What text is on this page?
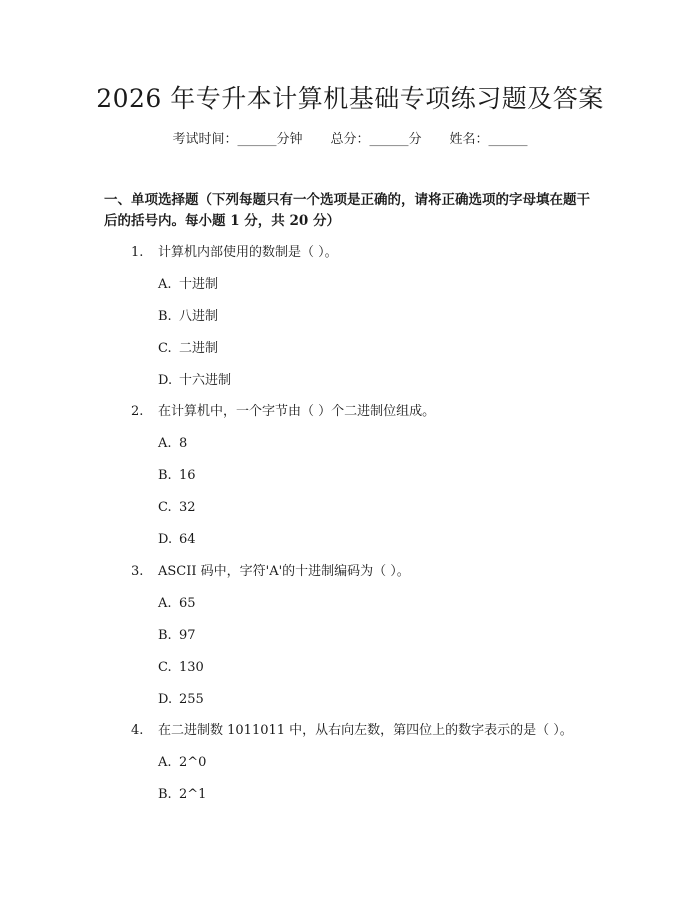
2026 年专升本计算机基础专项练习题及答案
考试时间：______分钟 总分：______分 姓名：______

一、单项选择题（下列每题只有一个选项是正确的，请将正确选项的字母填在题干后的括号内。每小题 1 分，共 20 分）

1. 计算机内部使用的数制是（ ）。
A. 十进制
B. 八进制
C. 二进制
D. 十六进制
2. 在计算机中，一个字节由（ ）个二进制位组成。
A. 8
B. 16
C. 32
D. 64
3. ASCII 码中，字符'A'的十进制编码为（ ）。
A. 65
B. 97
C. 130
D. 255
4. 在二进制数 1011011 中，从右向左数，第四位上的数字表示的是（ ）。
A. 2^0
B. 2^1
